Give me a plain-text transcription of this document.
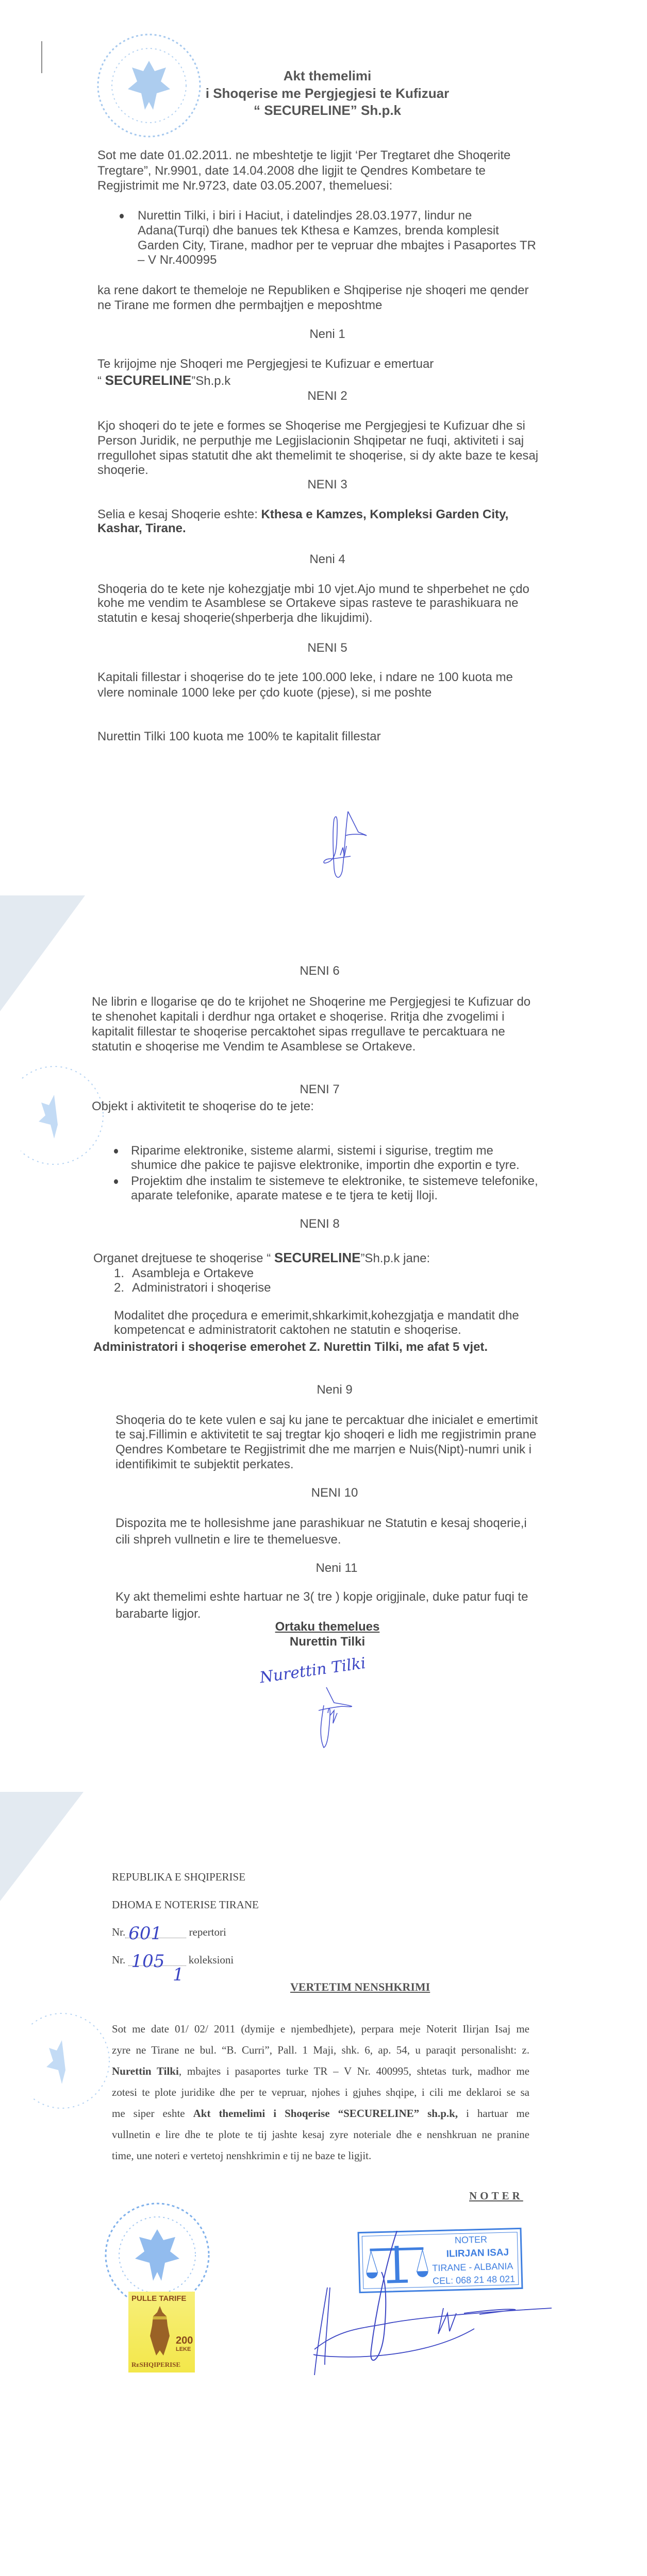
Akt themelimi
i Shoqerise me Pergjegjesi te Kufizuar
“ SECURELINE” Sh.p.k
Sot me date 01.02.2011. ne mbeshtetje te ligjit ‘Per Tregtaret dhe Shoqerite
Tregtare”, Nr.9901, date 14.04.2008 dhe ligjit te Qendres Kombetare te
Regjistrimit me Nr.9723, date 03.05.2007, themeluesi:
Nurettin Tilki, i biri i Haciut, i datelindjes 28.03.1977, lindur ne
Adana(Turqi) dhe banues tek Kthesa e Kamzes, brenda komplesit
Garden City, Tirane, madhor per te vepruar dhe mbajtes i Pasaportes TR
– V Nr.400995
ka rene dakort te themeloje ne Republiken e Shqiperise nje shoqeri me qender
ne Tirane me formen dhe permbajtjen e meposhtme
Neni 1
Te krijojme nje Shoqeri me Pergjegjesi te Kufizuar e emertuar
“ SECURELINE”Sh.p.k
NENI 2
Kjo shoqeri do te jete e formes se Shoqerise me Pergjegjesi te Kufizuar dhe si
Person Juridik, ne perputhje me Legjislacionin Shqipetar ne fuqi, aktiviteti i saj
rregullohet sipas statutit dhe akt themelimit te shoqerise, si dy akte baze te kesaj
shoqerie.
NENI 3
Selia e kesaj Shoqerie eshte: Kthesa e Kamzes, Kompleksi Garden City,
Kashar, Tirane.
Neni 4
Shoqeria do te kete nje kohezgjatje mbi 10 vjet.Ajo mund te shperbehet ne çdo
kohe me vendim te Asamblese se Ortakeve sipas rasteve te parashikuara ne
statutin e kesaj shoqerie(shperberja dhe likujdimi).
NENI 5
Kapitali fillestar i shoqerise do te jete 100.000 leke, i ndare ne 100 kuota me
vlere nominale 1000 leke per çdo kuote (pjese), si me poshte
Nurettin Tilki 100 kuota me 100% te kapitalit fillestar
NENI 6
Ne librin e llogarise qe do te krijohet ne Shoqerine me Pergjegjesi te Kufizuar do
te shenohet kapitali i derdhur nga ortaket e shoqerise. Rritja dhe zvogelimi i
kapitalit fillestar te shoqerise percaktohet sipas rregullave te percaktuara ne
statutin e shoqerise me Vendim te Asamblese se Ortakeve.
NENI 7
Objekt i aktivitetit te shoqerise do te jete:
Riparime elektronike, sisteme alarmi, sistemi i sigurise, tregtim me
shumice dhe pakice te pajisve elektronike, importin dhe exportin e tyre.
Projektim dhe instalim te sistemeve te elektronike, te sistemeve telefonike,
aparate telefonike, aparate matese e te tjera te ketij lloji.
NENI 8
Organet drejtuese te shoqerise “ SECURELINE”Sh.p.k jane:
1. Asambleja e Ortakeve
2. Administratori i shoqerise
Modalitet dhe proçedura e emerimit,shkarkimit,kohezgjatja e mandatit dhe
kompetencat e administratorit caktohen ne statutin e shoqerise.
Administratori i shoqerise emerohet Z. Nurettin Tilki, me afat 5 vjet.
Neni 9
Shoqeria do te kete vulen e saj ku jane te percaktuar dhe inicialet e emertimit
te saj.Fillimin e aktivitetit te saj tregtar kjo shoqeri e lidh me regjistrimin prane
Qendres Kombetare te Regjistrimit dhe me marrjen e Nuis(Nipt)-numri unik i
identifikimit te subjektit perkates.
NENI 10
Dispozita me te hollesishme jane parashikuar ne Statutin e kesaj shoqerie,i
cili shpreh vullnetin e lire te themeluesve.
Neni 11
Ky akt themelimi eshte hartuar ne 3( tre ) kopje origjinale, duke patur fuqi te
barabarte ligjor.
Ortaku themelues
Nurettin Tilki
Nurettin Tilki
REPUBLIKA E SHQIPERISE
DHOMA E NOTERISE TIRANE
Nr. 601 repertori
Nr. 105 koleksioni
1
VERTETIM NENSHKRIMI
Sot me date 01/ 02/ 2011 (dymije e njembedhjete), perpara meje Noterit Ilirjan Isaj me
zyre ne Tirane ne bul. “B. Curri”, Pall. 1 Maji, shk. 6, ap. 54, u paraqit personalisht: z.
Nurettin Tilki, mbajtes i pasaportes turke TR – V Nr. 400995, shtetas turk, madhor me
zotesi te plote juridike dhe per te vepruar, njohes i gjuhes shqipe, i cili me deklaroi se sa
me siper eshte Akt themelimi i Shoqerise “SECURELINE” sh.p.k, i hartuar me
vullnetin e lire dhe te plote te tij jashte kesaj zyre noteriale dhe e nenshkruan ne pranine
time, une noteri e vertetoj nenshkrimin e tij ne baze te ligjit.
NOTER
NOTER
ILIRJAN ISAJ
TIRANE - ALBANIA
CEL: 068 21 48 021
PULLE TARIFE
200
LEKE
RᴇSHQIPERISE
